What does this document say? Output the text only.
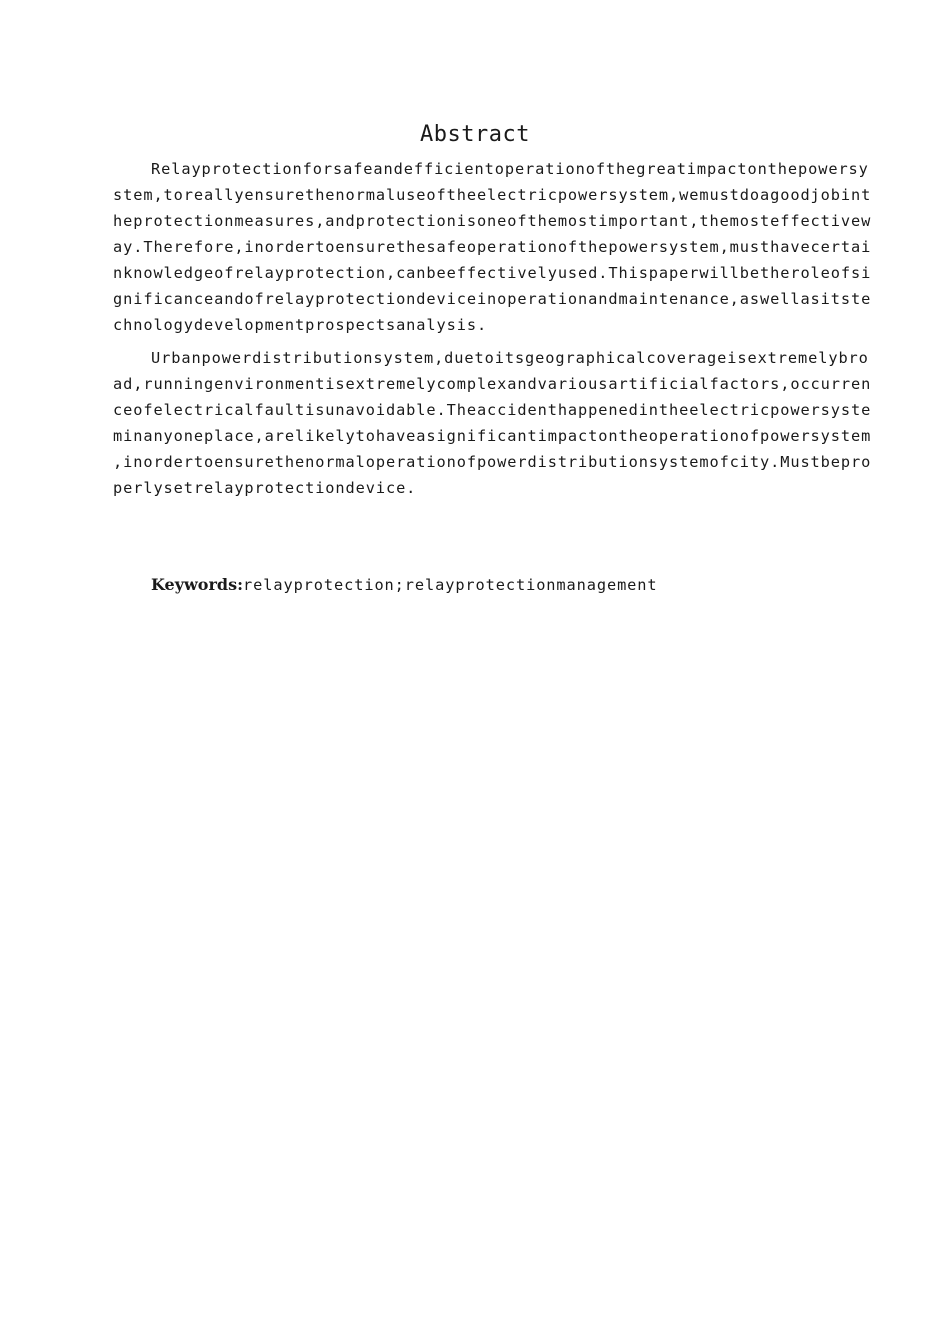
Abstract
Relayprotectionforsafeandefficientoperationofthegreatimpactonthepowersy
stem,toreallyensurethenormaluseoftheelectricpowersystem,wemustdoagoodjobint
heprotectionmeasures,andprotectionisoneofthemostimportant,themosteffectivew
ay.Therefore,inordertoensurethesafeoperationofthepowersystem,musthavecertai
nknowledgeofrelayprotection,canbeeffectivelyused.Thispaperwillbetheroleofsi
gnificanceandofrelayprotectiondeviceinoperationandmaintenance,aswellasitste
chnologydevelopmentprospectsanalysis.
Urbanpowerdistributionsystem,duetoitsgeographicalcoverageisextremelybro
ad,runningenvironmentisextremelycomplexandvariousartificialfactors,occurren
ceofelectricalfaultisunavoidable.Theaccidenthappenedintheelectricpowersyste
minanyoneplace,arelikelytohaveasignificantimpactontheoperationofpowersystem
,inordertoensurethenormaloperationofpowerdistributionsystemofcity.Mustbepro
perlysetrelayprotectiondevice.
Keywords:relayprotection;relayprotectionmanagement
